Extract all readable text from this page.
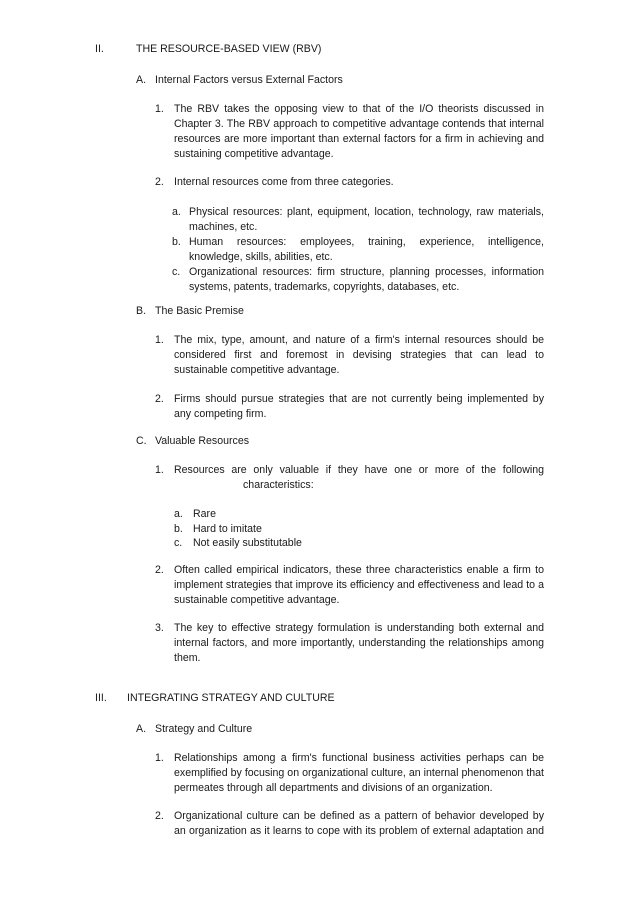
II.	THE RESOURCE-BASED VIEW (RBV)
A. Internal Factors versus External Factors
1. The RBV takes the opposing view to that of the I/O theorists discussed in Chapter 3. The RBV approach to competitive advantage contends that internal resources are more important than external factors for a firm in achieving and sustaining competitive advantage.

2. Internal resources come from three categories.

a. Physical resources: plant, equipment, location, technology, raw materials, machines, etc.

b. Human resources: employees, training, experience, intelligence, knowledge, skills, abilities, etc.

c. Organizational resources: firm structure, planning processes, information systems, patents, trademarks, copyrights, databases, etc.

B. The Basic Premise
1. The mix, type, amount, and nature of a firm's internal resources should be considered first and foremost in devising strategies that can lead to sustainable competitive advantage.

2. Firms should pursue strategies that are not currently being implemented by any competing firm.

C. Valuable Resources
1. Resources are only valuable if they have one or more of the following

characteristics:
a. Rare
b. Hard to imitate
c. Not easily substitutable
2. Often called empirical indicators, these three characteristics enable a firm to implement strategies that improve its efficiency and effectiveness and lead to a sustainable competitive advantage.

3. The key to effective strategy formulation is understanding both external and internal factors, and more importantly, understanding the relationships among them.

III. INTEGRATING STRATEGY AND CULTURE
A. Strategy and Culture
1. Relationships among a firm's functional business activities perhaps can be exemplified by focusing on organizational culture, an internal phenomenon that permeates through all departments and divisions of an organization.

2. Organizational culture can be defined as a pattern of behavior developed by an organization as it learns to cope with its problem of external adaptation and
